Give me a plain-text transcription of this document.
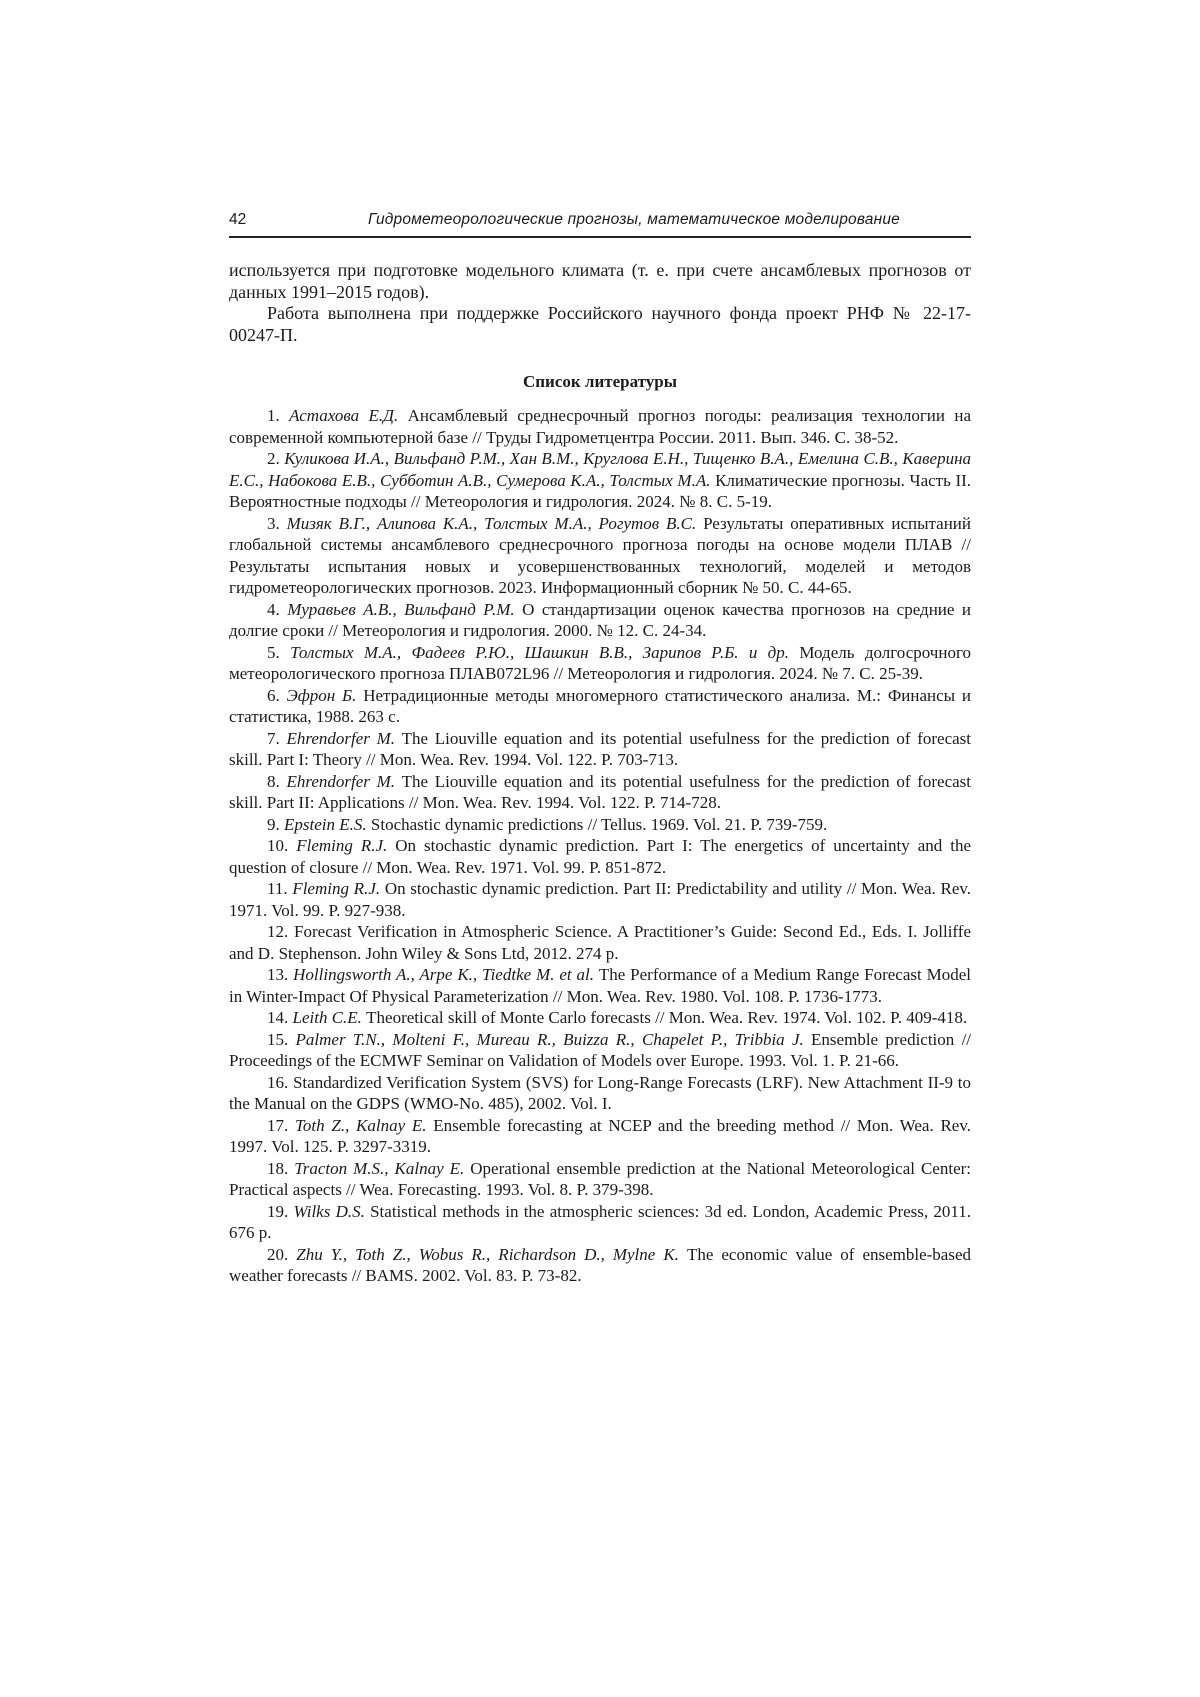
42	Гидрометеорологические прогнозы, математическое моделирование

используется при подготовке модельного климата (т. е. при счете ансамблевых прогнозов от данных 1991–2015 годов).

Работа выполнена при поддержке Российского научного фонда проект РНФ № 22-17-00247-П.

Список литературы

1. Астахова Е.Д. Ансамблевый среднесрочный прогноз погоды: реализация технологии на современной компьютерной базе // Труды Гидрометцентра России. 2011. Вып. 346. С. 38-52.

2. Куликова И.А., Вильфанд Р.М., Хан В.М., Круглова Е.Н., Тищенко В.А., Емелина С.В., Каверина Е.С., Набокова Е.В., Субботин А.В., Сумерова К.А., Толстых М.А. Климатические прогнозы. Часть II. Вероятностные подходы // Метеорология и гидрология. 2024. № 8. С. 5-19.

3. Мизяк В.Г., Алипова К.А., Толстых М.А., Рогутов В.С. Результаты оперативных испытаний глобальной системы ансамблевого среднесрочного прогноза погоды на основе модели ПЛАВ // Результаты испытания новых и усовершенствованных технологий, моделей и методов гидрометеорологических прогнозов. 2023. Информационный сборник № 50. С. 44-65.

4. Муравьев А.В., Вильфанд Р.М. О стандартизации оценок качества прогнозов на средние и долгие сроки // Метеорология и гидрология. 2000. № 12. С. 24-34.

5. Толстых М.А., Фадеев Р.Ю., Шашкин В.В., Зарипов Р.Б. и др. Модель долгосрочного метеорологического прогноза ПЛАВ072L96 // Метеорология и гидрология. 2024. № 7. С. 25-39.

6. Эфрон Б. Нетрадиционные методы многомерного статистического анализа. М.: Финансы и статистика, 1988. 263 с.

7. Ehrendorfer M. The Liouville equation and its potential usefulness for the prediction of forecast skill. Part I: Theory // Mon. Wea. Rev. 1994. Vol. 122. P. 703-713.

8. Ehrendorfer M. The Liouville equation and its potential usefulness for the prediction of forecast skill. Part II: Applications // Mon. Wea. Rev. 1994. Vol. 122. P. 714-728.

9. Epstein E.S. Stochastic dynamic predictions // Tellus. 1969. Vol. 21. P. 739-759.

10. Fleming R.J. On stochastic dynamic prediction. Part I: The energetics of uncertainty and the question of closure // Mon. Wea. Rev. 1971. Vol. 99. P. 851-872.

11. Fleming R.J. On stochastic dynamic prediction. Part II: Predictability and utility // Mon. Wea. Rev. 1971. Vol. 99. P. 927-938.

12. Forecast Verification in Atmospheric Science. A Practitioner’s Guide: Second Ed., Eds. I. Jolliffe and D. Stephenson. John Wiley & Sons Ltd, 2012. 274 p.

13. Hollingsworth A., Arpe K., Tiedtke M. et al. The Performance of a Medium Range Forecast Model in Winter-Impact Of Physical Parameterization // Mon. Wea. Rev. 1980. Vol. 108. P. 1736-1773.

14. Leith C.E. Theoretical skill of Monte Carlo forecasts // Mon. Wea. Rev. 1974. Vol. 102. P. 409-418.

15. Palmer T.N., Molteni F., Mureau R., Buizza R., Chapelet P., Tribbia J. Ensemble prediction // Proceedings of the ECMWF Seminar on Validation of Models over Europe. 1993. Vol. 1. P. 21-66.

16. Standardized Verification System (SVS) for Long-Range Forecasts (LRF). New Attachment II-9 to the Manual on the GDPS (WMO-No. 485), 2002. Vol. I.

17. Toth Z., Kalnay E. Ensemble forecasting at NCEP and the breeding method // Mon. Wea. Rev. 1997. Vol. 125. P. 3297-3319.

18. Tracton M.S., Kalnay E. Operational ensemble prediction at the National Meteorological Center: Practical aspects // Wea. Forecasting. 1993. Vol. 8. P. 379-398.

19. Wilks D.S. Statistical methods in the atmospheric sciences: 3d ed. London, Academic Press, 2011. 676 p.

20. Zhu Y., Toth Z., Wobus R., Richardson D., Mylne K. The economic value of ensemble-based weather forecasts // BAMS. 2002. Vol. 83. P. 73-82.
